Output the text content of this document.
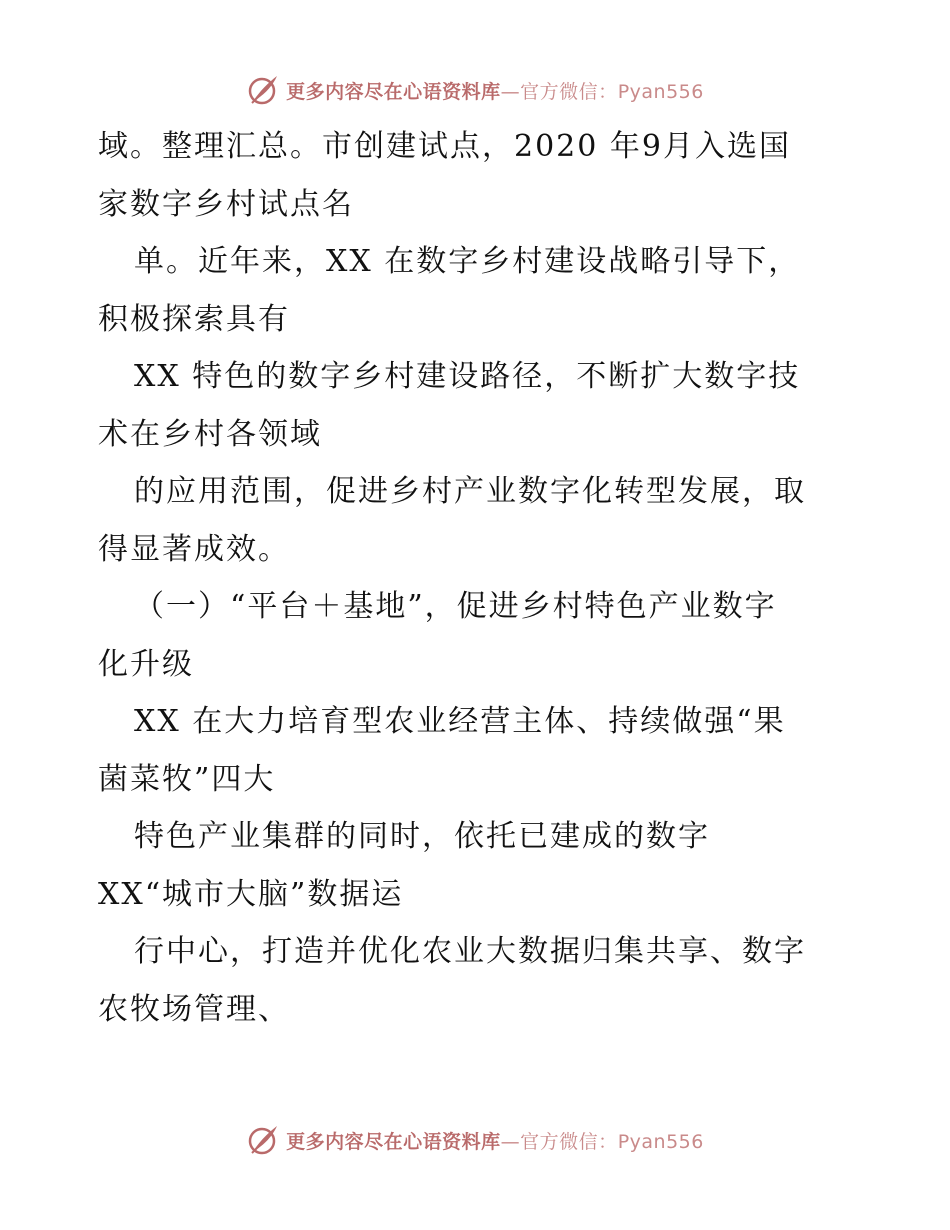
更多内容尽在心语资料库—官方微信：Pyan556
域。整理汇总。市创建试点，2020 年9月入选国
家数字乡村试点名
单。近年来，XX 在数字乡村建设战略引导下，
积极探索具有
XX 特色的数字乡村建设路径，不断扩大数字技
术在乡村各领域
的应用范围，促进乡村产业数字化转型发展，取
得显著成效。
（一）“平台＋基地”，促进乡村特色产业数字
化升级
XX 在大力培育型农业经营主体、持续做强“果
菌菜牧”四大
特色产业集群的同时，依托已建成的数字
XX“城市大脑”数据运
行中心，打造并优化农业大数据归集共享、数字
农牧场管理、
更多内容尽在心语资料库—官方微信：Pyan556
